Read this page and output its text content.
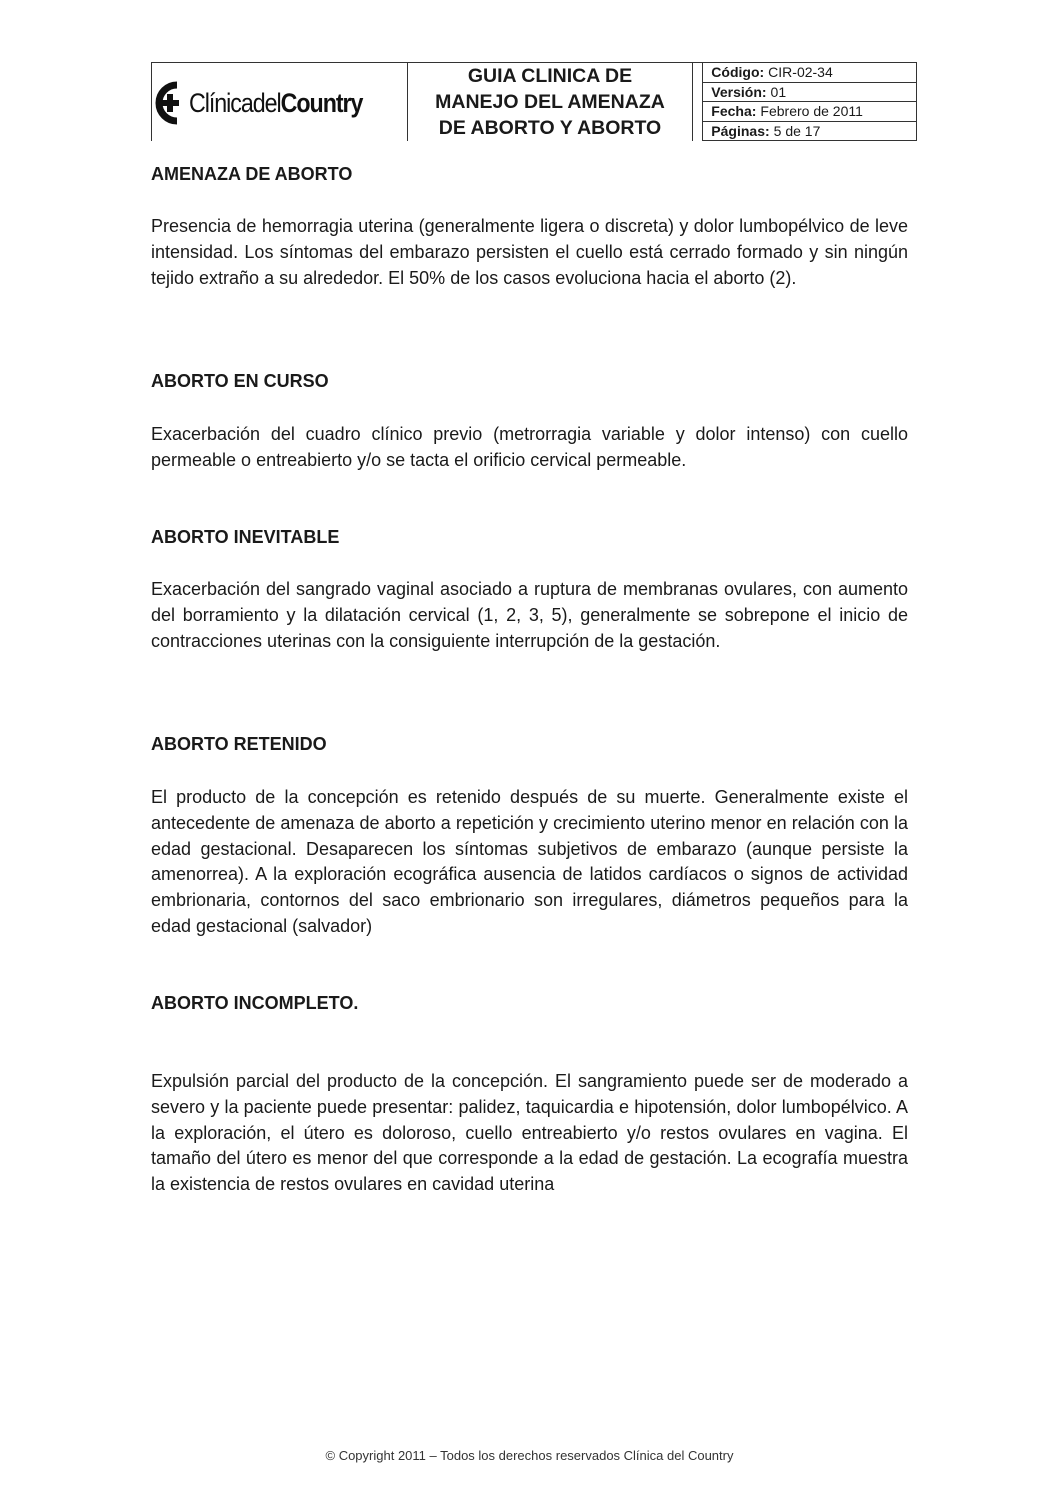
ClínicadelCountry
GUIA CLINICA DE
MANEJO DEL AMENAZA
DE ABORTO Y ABORTO
Código: CIR-02-34
Versión: 01
Fecha: Febrero de 2011
Páginas: 5 de 17
AMENAZA DE ABORTO
Presencia de hemorragia uterina (generalmente ligera o discreta) y dolor lumbopélvico de leve intensidad. Los síntomas del embarazo persisten el cuello está cerrado formado y sin ningún tejido extraño a su alrededor. El 50% de los casos evoluciona hacia el aborto (2).
ABORTO EN CURSO
Exacerbación del cuadro clínico previo (metrorragia variable y dolor intenso) con cuello permeable o entreabierto y/o se tacta el orificio cervical permeable.
ABORTO INEVITABLE
Exacerbación del sangrado vaginal asociado a ruptura de membranas ovulares, con aumento del borramiento y la dilatación cervical (1, 2, 3, 5), generalmente se sobrepone el inicio de contracciones uterinas con la consiguiente interrupción de la gestación.
ABORTO RETENIDO
El producto de la concepción es retenido después de su muerte. Generalmente existe el antecedente de amenaza de aborto a repetición y crecimiento uterino menor en relación con la edad gestacional. Desaparecen los síntomas subjetivos de embarazo (aunque persiste la amenorrea). A la exploración ecográfica ausencia de latidos cardíacos o signos de actividad embrionaria, contornos del saco embrionario son irregulares, diámetros pequeños para la edad gestacional (salvador)
ABORTO INCOMPLETO.
Expulsión parcial del producto de la concepción. El sangramiento puede ser de moderado a severo y la paciente puede presentar: palidez, taquicardia e hipotensión, dolor lumbopélvico. A la exploración, el útero es doloroso, cuello entreabierto y/o restos ovulares en vagina. El tamaño del útero es menor del que corresponde a la edad de gestación. La ecografía muestra la existencia de restos ovulares en cavidad uterina
© Copyright 2011 – Todos los derechos reservados Clínica del Country
